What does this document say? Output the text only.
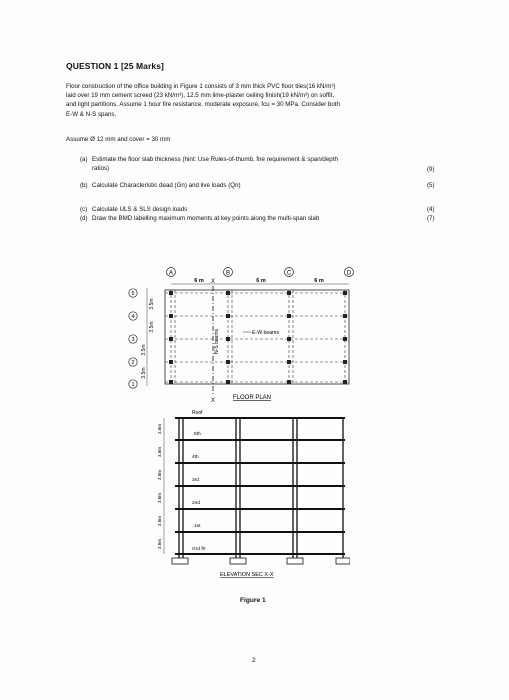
QUESTION 1 [25 Marks]
Floor construction of the office building in Figure 1 consists of 3 mm thick PVC floor tiles(16 kN/m³)
laid over 19 mm cement screed (23 kN/m³), 12.5 mm lime-plaster ceiling finish(19 kN/m³) on soffit,
and light partitions. Assume 1 hour fire resistance, moderate exposure, fcu = 30 MPa. Consider both
E-W & N-S spans.
Assume Ø 12 mm and cover = 30 mm
(a) Estimate the floor slab thickness (hint: Use Rules-of-thumb, fire requirement & span/depth
ratios)	(9)
(b) Calculate Characteristic dead (Gn) and live loads (Qn)	(5)
(c) Calculate ULS & SLS design loads	(4)
(d) Draw the BMD labelling maximum moments at key points along the multi-span slab	(7)
A	B	C	D
6 m	6 m	6 m
X
5
4
3
2
1
3.5m
3.5m
3.5m
3.5m
E-W beams
N-S beams
X	FLOOR PLAN
Roof
5th
4th
3rd
2nd
1st
Grd flr
3.6m
3.6m
3.6m
3.6m
3.6m
3.6m
ELEVATION SEC X-X
Figure 1
2
